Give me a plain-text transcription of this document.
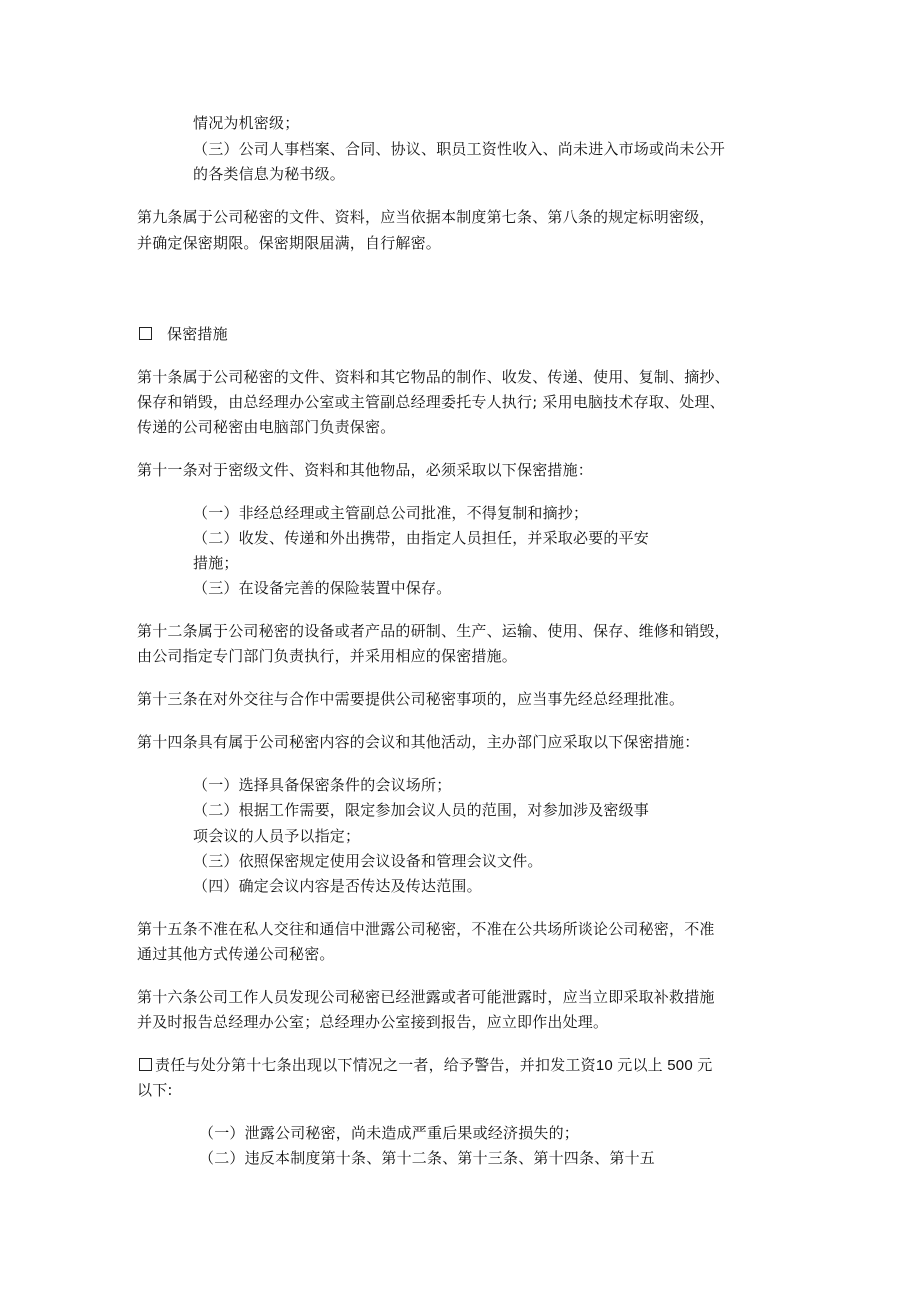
情况为机密级；
（三）公司人事档案、合同、协议、职员工资性收入、尚未进入市场或尚未公开
的各类信息为秘书级。
第九条属于公司秘密的文件、资料，应当依据本制度第七条、第八条的规定标明密级，
并确定保密期限。保密期限届满，自行解密。
保密措施
第十条属于公司秘密的文件、资料和其它物品的制作、收发、传递、使用、复制、摘抄、
保存和销毁，由总经理办公室或主管副总经理委托专人执行; 采用电脑技术存取、处理、
传递的公司秘密由电脑部门负责保密。
第十一条对于密级文件、资料和其他物品，必须采取以下保密措施：
（一）非经总经理或主管副总公司批准，不得复制和摘抄；
（二）收发、传递和外出携带，由指定人员担任，并采取必要的平安
措施；
（三）在设备完善的保险装置中保存。
第十二条属于公司秘密的设备或者产品的研制、生产、运输、使用、保存、维修和销毁，
由公司指定专门部门负责执行，并采用相应的保密措施。
第十三条在对外交往与合作中需要提供公司秘密事项的，应当事先经总经理批准。
第十四条具有属于公司秘密内容的会议和其他活动，主办部门应采取以下保密措施：
（一）选择具备保密条件的会议场所；
（二）根据工作需要，限定参加会议人员的范围，对参加涉及密级事
项会议的人员予以指定；
（三）依照保密规定使用会议设备和管理会议文件。
（四）确定会议内容是否传达及传达范围。
第十五条不准在私人交往和通信中泄露公司秘密，不准在公共场所谈论公司秘密，不准
通过其他方式传递公司秘密。
第十六条公司工作人员发现公司秘密已经泄露或者可能泄露时，应当立即采取补救措施
并及时报告总经理办公室；总经理办公室接到报告，应立即作出处理。
责任与处分第十七条出现以下情况之一者，给予警告，并扣发工资10 元以上 500 元
以下:
（一）泄露公司秘密，尚未造成严重后果或经济损失的；
（二）违反本制度第十条、第十二条、第十三条、第十四条、第十五
